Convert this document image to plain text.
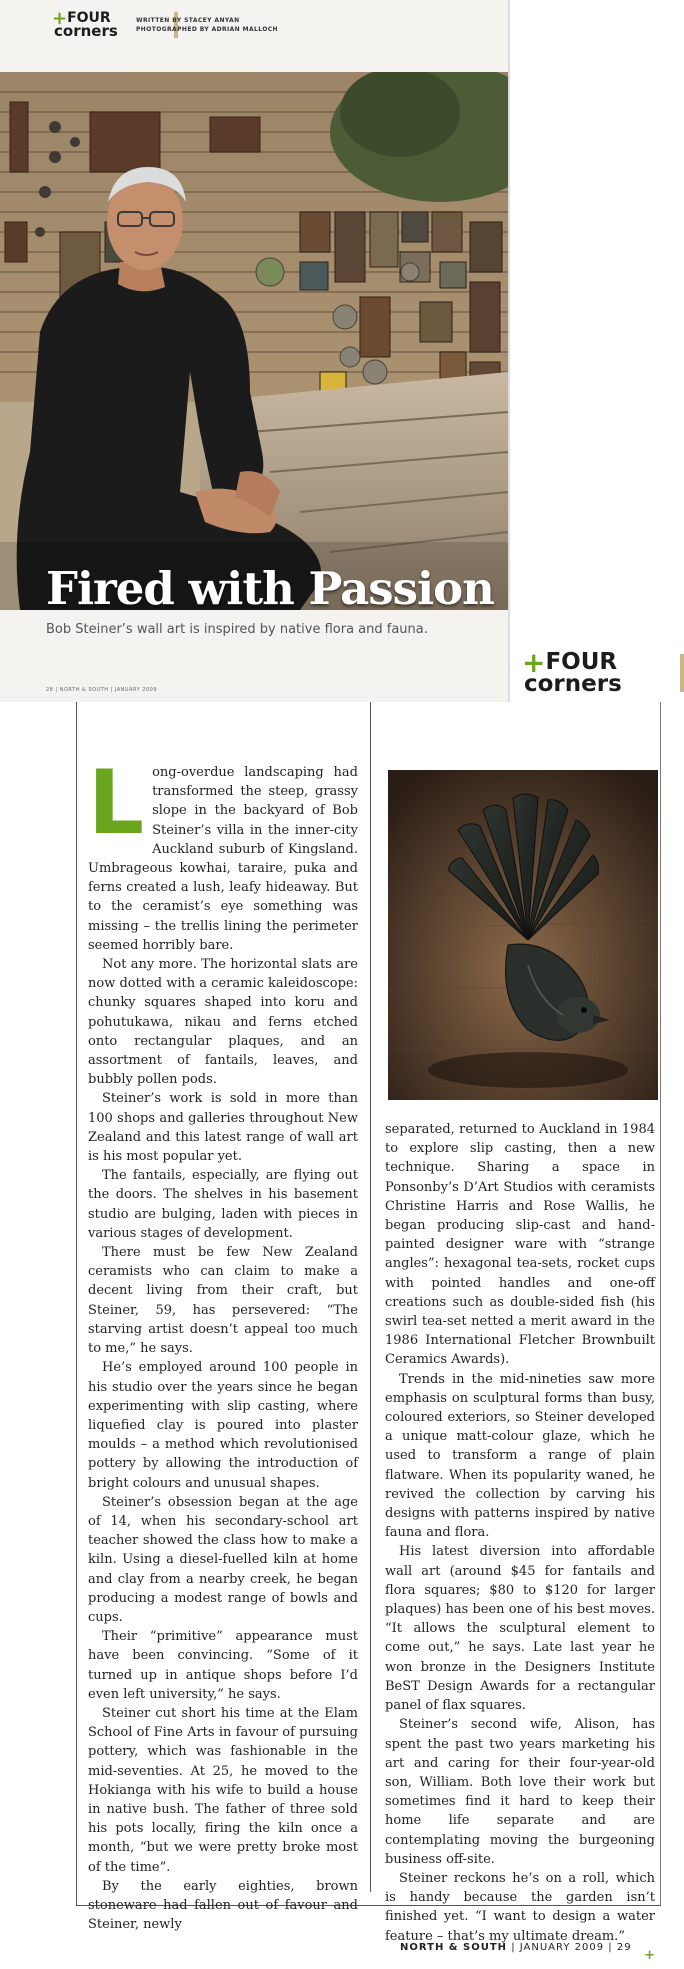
+FOUR
corners
WRITTEN BY STACEY ANYAN
PHOTOGRAPHED BY ADRIAN MALLOCH
Fired with Passion
Bob Steiner’s wall art is inspired by native flora and fauna.
28 | NORTH & SOUTH | JANUARY 2009
+FOUR
corners
L ong-overdue landscaping had transformed the steep, grassy slope in the backyard of Bob Steiner’s villa in the inner-city Auckland suburb of Kingsland. Umbrageous kowhai, taraire, puka and ferns created a lush, leafy hideaway. But to the ceramist’s eye something was missing – the trellis lining the perimeter seemed horribly bare.

Not any more. The horizontal slats are now dotted with a ceramic kaleidoscope: chunky squares shaped into koru and pohutukawa, nikau and ferns etched onto rectangular plaques, and an assortment of fantails, leaves, and bubbly pollen pods.

Steiner’s work is sold in more than 100 shops and galleries throughout New Zealand and this latest range of wall art is his most popular yet.

The fantails, especially, are flying out the doors. The shelves in his basement studio are bulging, laden with pieces in various stages of development.

There must be few New Zealand ceramists who can claim to make a decent living from their craft, but Steiner, 59, has persevered: “The starving artist doesn’t appeal too much to me,” he says.

He’s employed around 100 people in his studio over the years since he began experimenting with slip casting, where liquefied clay is poured into plaster moulds – a method which revolutionised pottery by allowing the introduction of bright colours and unusual shapes.

Steiner’s obsession began at the age of 14, when his secondary-school art teacher showed the class how to make a kiln. Using a diesel-fuelled kiln at home and clay from a nearby creek, he began producing a modest range of bowls and cups.

Their “primitive” appearance must have been convincing. “Some of it turned up in antique shops before I’d even left university,” he says.

Steiner cut short his time at the Elam School of Fine Arts in favour of pursuing pottery, which was fashionable in the mid-seventies. At 25, he moved to the Hokianga with his wife to build a house in native bush. The father of three sold his pots locally, firing the kiln once a month, “but we were pretty broke most of the time”.

By the early eighties, brown stoneware had fallen out of favour and Steiner, newly

separated, returned to Auckland in 1984 to explore slip casting, then a new technique. Sharing a space in Ponsonby’s D’Art Studios with ceramists Christine Harris and Rose Wallis, he began producing slip-cast and hand-painted designer ware with “strange angles”: hexagonal tea-sets, rocket cups with pointed handles and one-off creations such as double-sided fish (his swirl tea-set netted a merit award in the 1986 International Fletcher Brownbuilt Ceramics Awards).

Trends in the mid-nineties saw more emphasis on sculptural forms than busy, coloured exteriors, so Steiner developed a unique matt-colour glaze, which he used to transform a range of plain flatware. When its popularity waned, he revived the collection by carving his designs with patterns inspired by native fauna and flora.

His latest diversion into affordable wall art (around $45 for fantails and flora squares; $80 to $120 for larger plaques) has been one of his best moves. “It allows the sculptural element to come out,” he says. Late last year he won bronze in the Designers Institute BeST Design Awards for a rectangular panel of flax squares.

Steiner’s second wife, Alison, has spent the past two years marketing his art and caring for their four-year-old son, William. Both love their work but sometimes find it hard to keep their home life separate and are contemplating moving the burgeoning business off-site.

Steiner reckons he’s on a roll, which is handy because the garden isn’t finished yet. “I want to design a water feature – that’s my ultimate dream.”

+
NORTH & SOUTH | JANUARY 2009 | 29
